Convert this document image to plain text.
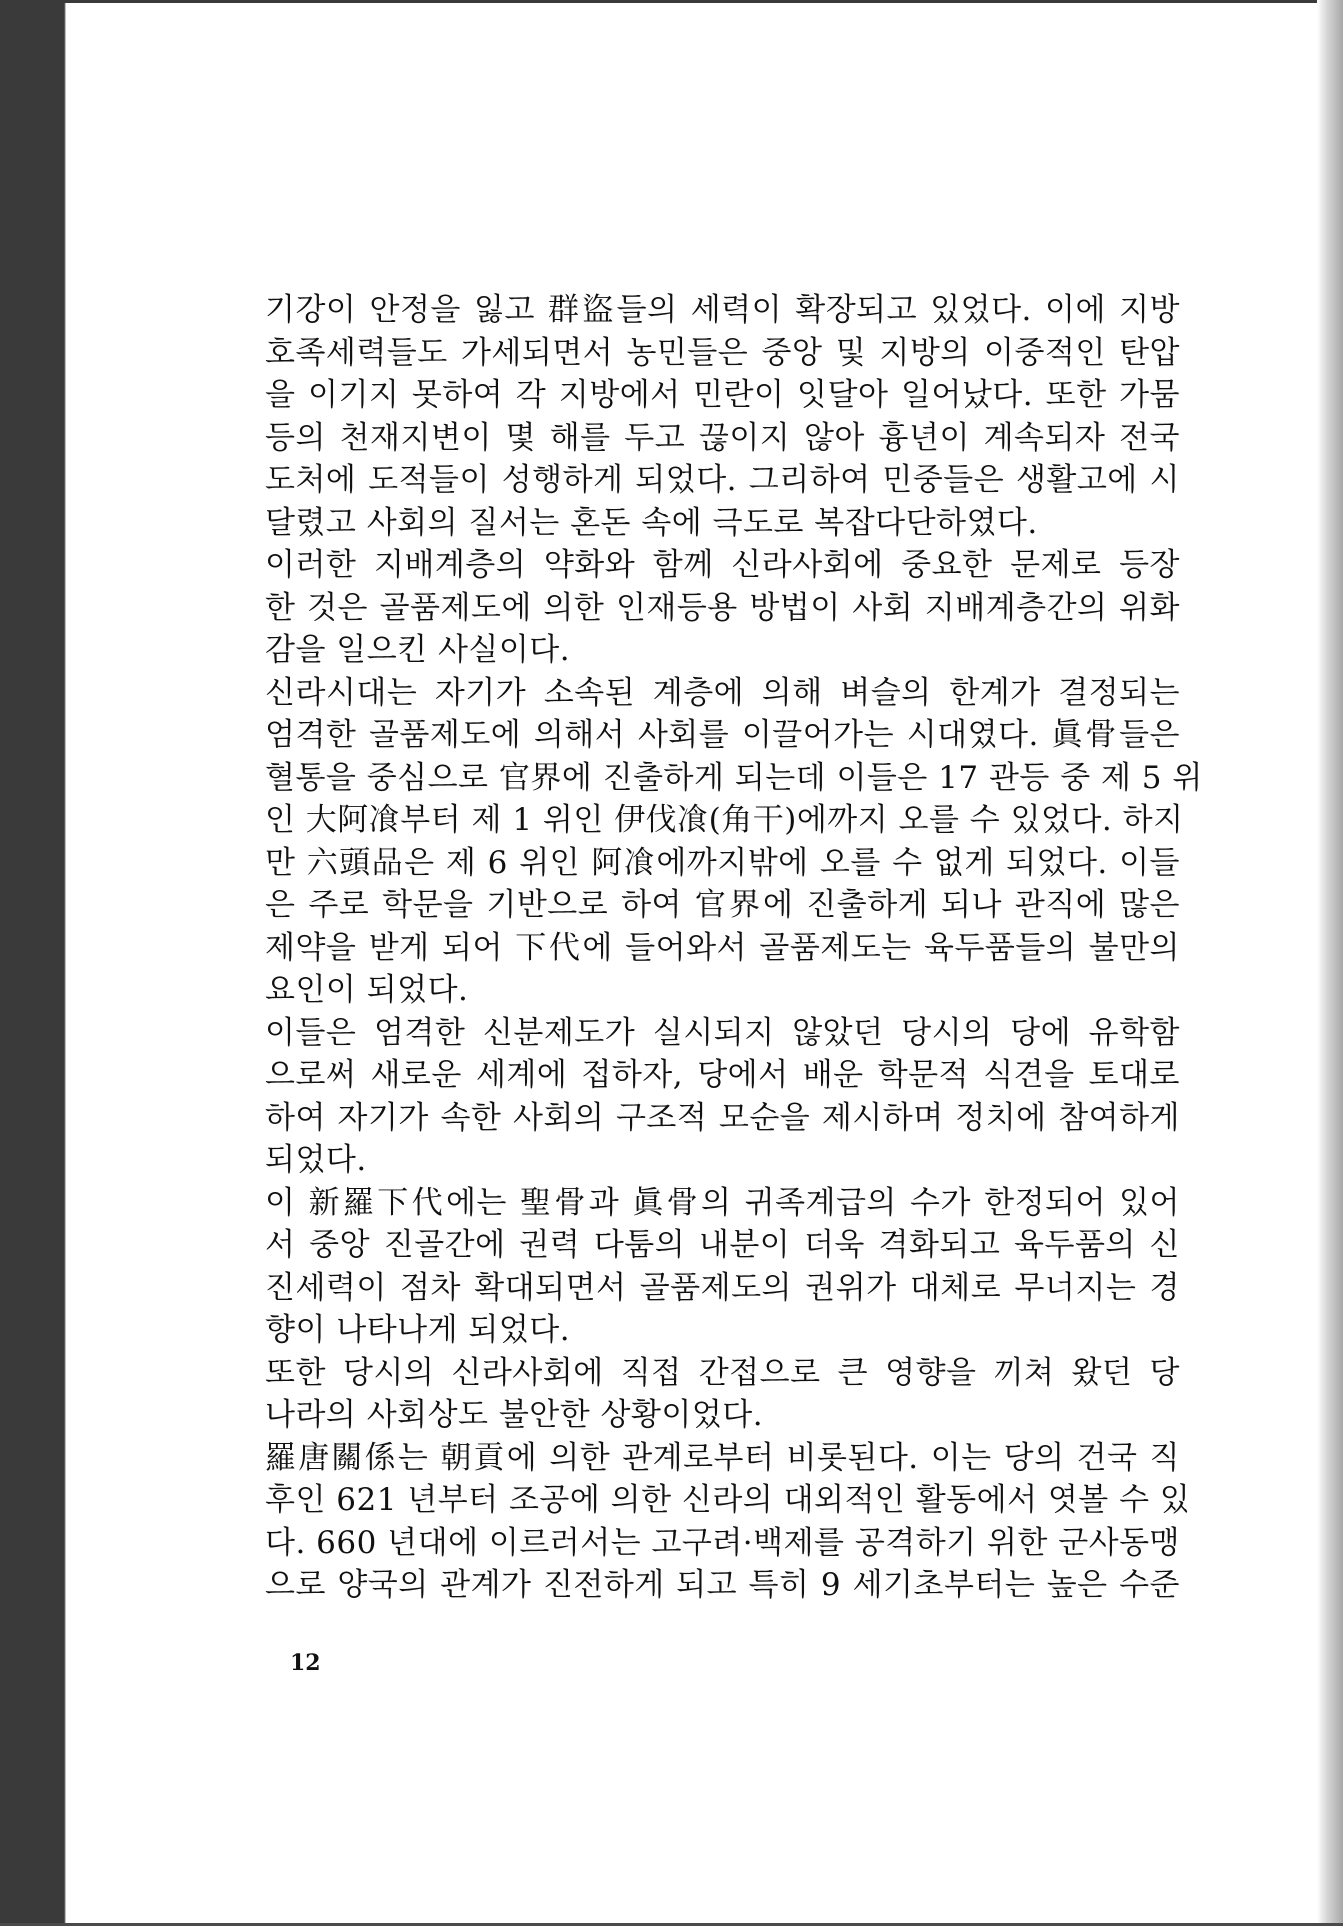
기강이 안정을 잃고 群盜들의 세력이 확장되고 있었다. 이에 지방
호족세력들도 가세되면서 농민들은 중앙 및 지방의 이중적인 탄압
을 이기지 못하여 각 지방에서 민란이 잇달아 일어났다. 또한 가뭄
등의 천재지변이 몇 해를 두고 끊이지 않아 흉년이 계속되자 전국
도처에 도적들이 성행하게 되었다. 그리하여 민중들은 생활고에 시
달렸고 사회의 질서는 혼돈 속에 극도로 복잡다단하였다.
이러한 지배계층의 약화와 함께 신라사회에 중요한 문제로 등장
한 것은 골품제도에 의한 인재등용 방법이 사회 지배계층간의 위화
감을 일으킨 사실이다.
신라시대는 자기가 소속된 계층에 의해 벼슬의 한계가 결정되는
엄격한 골품제도에 의해서 사회를 이끌어가는 시대였다. 眞骨들은
혈통을 중심으로 官界에 진출하게 되는데 이들은 17 관등 중 제 5 위
인 大阿飡부터 제 1 위인 伊伐飡(角干)에까지 오를 수 있었다. 하지
만 六頭品은 제 6 위인 阿飡에까지밖에 오를 수 없게 되었다. 이들
은 주로 학문을 기반으로 하여 官界에 진출하게 되나 관직에 많은
제약을 받게 되어 下代에 들어와서 골품제도는 육두품들의 불만의
요인이 되었다.
이들은 엄격한 신분제도가 실시되지 않았던 당시의 당에 유학함
으로써 새로운 세계에 접하자, 당에서 배운 학문적 식견을 토대로
하여 자기가 속한 사회의 구조적 모순을 제시하며 정치에 참여하게
되었다.
이 新羅下代에는 聖骨과 眞骨의 귀족계급의 수가 한정되어 있어
서 중앙 진골간에 권력 다툼의 내분이 더욱 격화되고 육두품의 신
진세력이 점차 확대되면서 골품제도의 권위가 대체로 무너지는 경
향이 나타나게 되었다.
또한 당시의 신라사회에 직접 간접으로 큰 영향을 끼쳐 왔던 당
나라의 사회상도 불안한 상황이었다.
羅唐關係는 朝貢에 의한 관계로부터 비롯된다. 이는 당의 건국 직
후인 621 년부터 조공에 의한 신라의 대외적인 활동에서 엿볼 수 있
다. 660 년대에 이르러서는 고구려·백제를 공격하기 위한 군사동맹
으로 양국의 관계가 진전하게 되고 특히 9 세기초부터는 높은 수준
12
